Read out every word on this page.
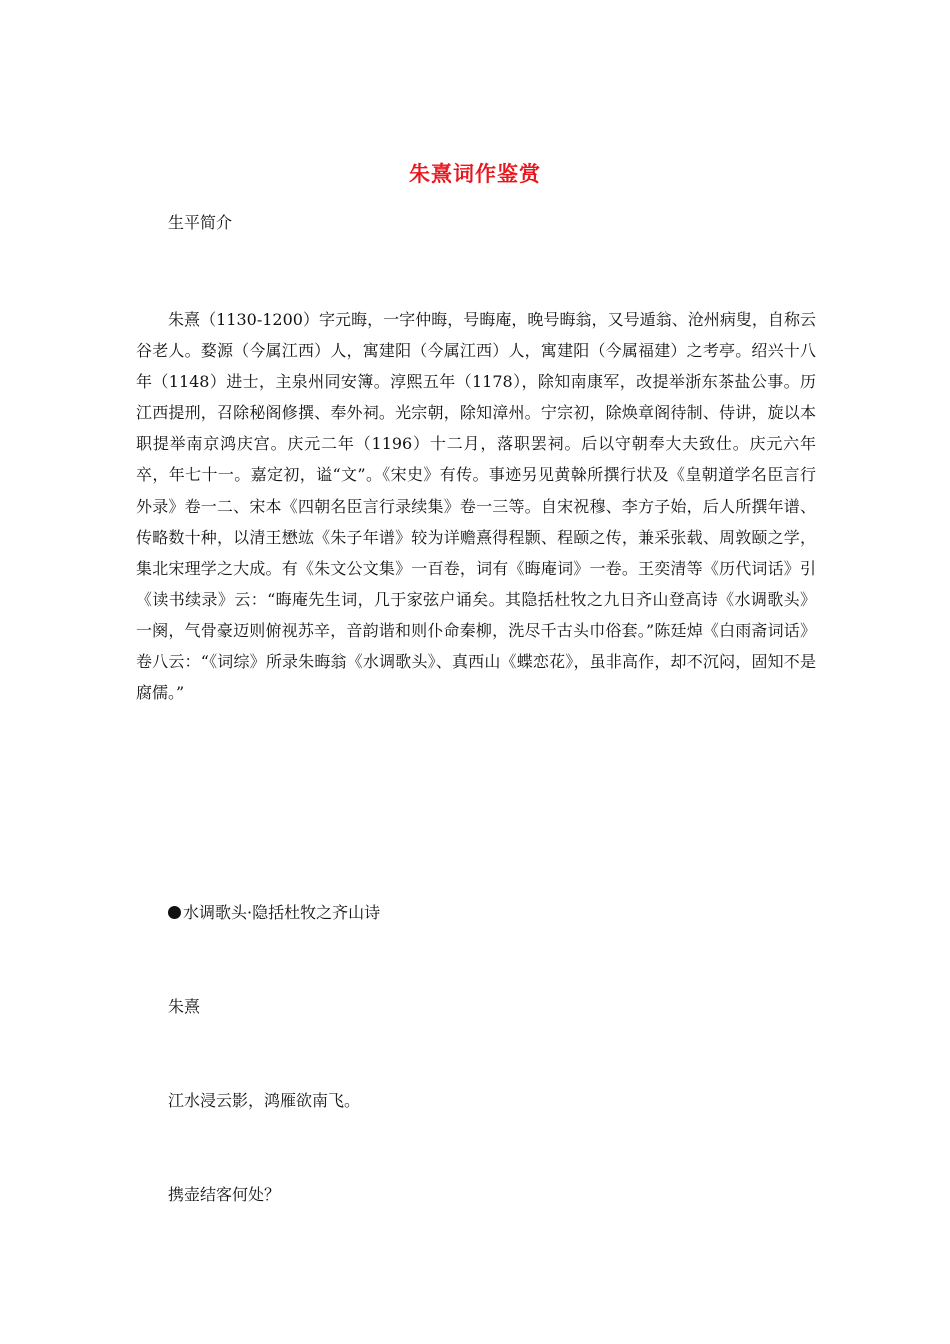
朱熹词作鉴赏
生平简介
朱熹（1130-1200）字元晦，一字仲晦，号晦庵，晚号晦翁，又号遁翁、沧州病叟，自称云谷老人。婺源（今属江西）人，寓建阳（今属江西）人，寓建阳（今属福建）之考亭。绍兴十八年（1148）进士，主泉州同安簿。淳熙五年（1178），除知南康军，改提举浙东茶盐公事。历江西提刑，召除秘阁修撰、奉外祠。光宗朝，除知漳州。宁宗初，除焕章阁待制、侍讲，旋以本职提举南京鸿庆宫。庆元二年（1196）十二月，落职罢祠。后以守朝奉大夫致仕。庆元六年卒，年七十一。嘉定初，谥“文”。《宋史》有传。事迹另见黄榦所撰行状及《皇朝道学名臣言行外录》卷一二、宋本《四朝名臣言行录续集》卷一三等。自宋祝穆、李方子始，后人所撰年谱、传略数十种，以清王懋竑《朱子年谱》较为详赡熹得程颢、程颐之传，兼采张载、周敦颐之学，集北宋理学之大成。有《朱文公文集》一百卷，词有《晦庵词》一卷。王奕清等《历代词话》引《读书续录》云：“晦庵先生词，几于家弦户诵矣。其隐括杜牧之九日齐山登高诗《水调歌头》一阕，气骨豪迈则俯视苏辛，音韵谐和则仆命秦柳，洗尽千古头巾俗套。”陈廷焯《白雨斋词话》卷八云：“《词综》所录朱晦翁《水调歌头》、真西山《蝶恋花》，虽非高作，却不沉闷，固知不是腐儒。”
水调歌头·隐括杜牧之齐山诗
朱熹
江水浸云影，鸿雁欲南飞。
携壶结客何处？
